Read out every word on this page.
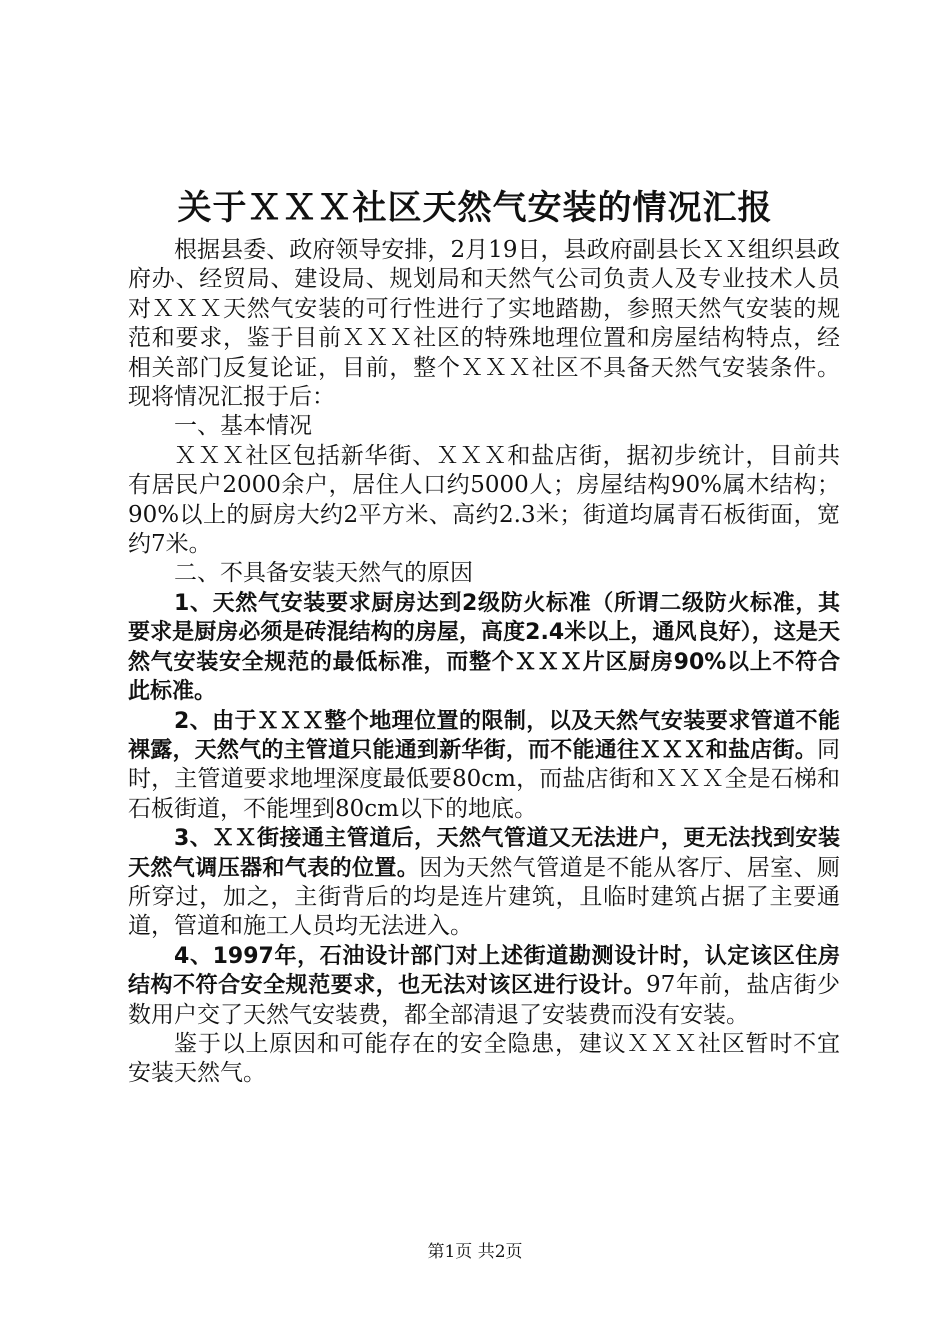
关于ＸＸＸ社区天然气安装的情况汇报

根据县委、政府领导安排，2月19日，县政府副县长ＸＸ组织县政府办、经贸局、建设局、规划局和天然气公司负责人及专业技术人员对ＸＸＸ天然气安装的可行性进行了实地踏勘，参照天然气安装的规范和要求，鉴于目前ＸＸＸ社区的特殊地理位置和房屋结构特点，经相关部门反复论证，目前，整个ＸＸＸ社区不具备天然气安装条件。现将情况汇报于后：

一、基本情况

ＸＸＸ社区包括新华街、ＸＸＸ和盐店街，据初步统计，目前共有居民户2000余户，居住人口约5000人；房屋结构90%属木结构；90%以上的厨房大约2平方米、高约2.3米；街道均属青石板街面，宽约7米。

二、不具备安装天然气的原因

1、天然气安装要求厨房达到2级防火标准（所谓二级防火标准，其要求是厨房必须是砖混结构的房屋，高度2.4米以上，通风良好），这是天然气安装安全规范的最低标准，而整个ＸＸＸ片区厨房90%以上不符合此标准。

2、由于ＸＸＸ整个地理位置的限制，以及天然气安装要求管道不能裸露，天然气的主管道只能通到新华街，而不能通往ＸＸＸ和盐店街。同时，主管道要求地埋深度最低要80cm，而盐店街和ＸＸＸ全是石梯和石板街道，不能埋到80cm以下的地底。

3、ＸＸ街接通主管道后，天然气管道又无法进户，更无法找到安装天然气调压器和气表的位置。因为天然气管道是不能从客厅、居室、厕所穿过，加之，主街背后的均是连片建筑，且临时建筑占据了主要通道，管道和施工人员均无法进入。

4、1997年，石油设计部门对上述街道勘测设计时，认定该区住房结构不符合安全规范要求，也无法对该区进行设计。97年前，盐店街少数用户交了天然气安装费，都全部清退了安装费而没有安装。

鉴于以上原因和可能存在的安全隐患，建议ＸＸＸ社区暂时不宜安装天然气。

第1页 共2页
